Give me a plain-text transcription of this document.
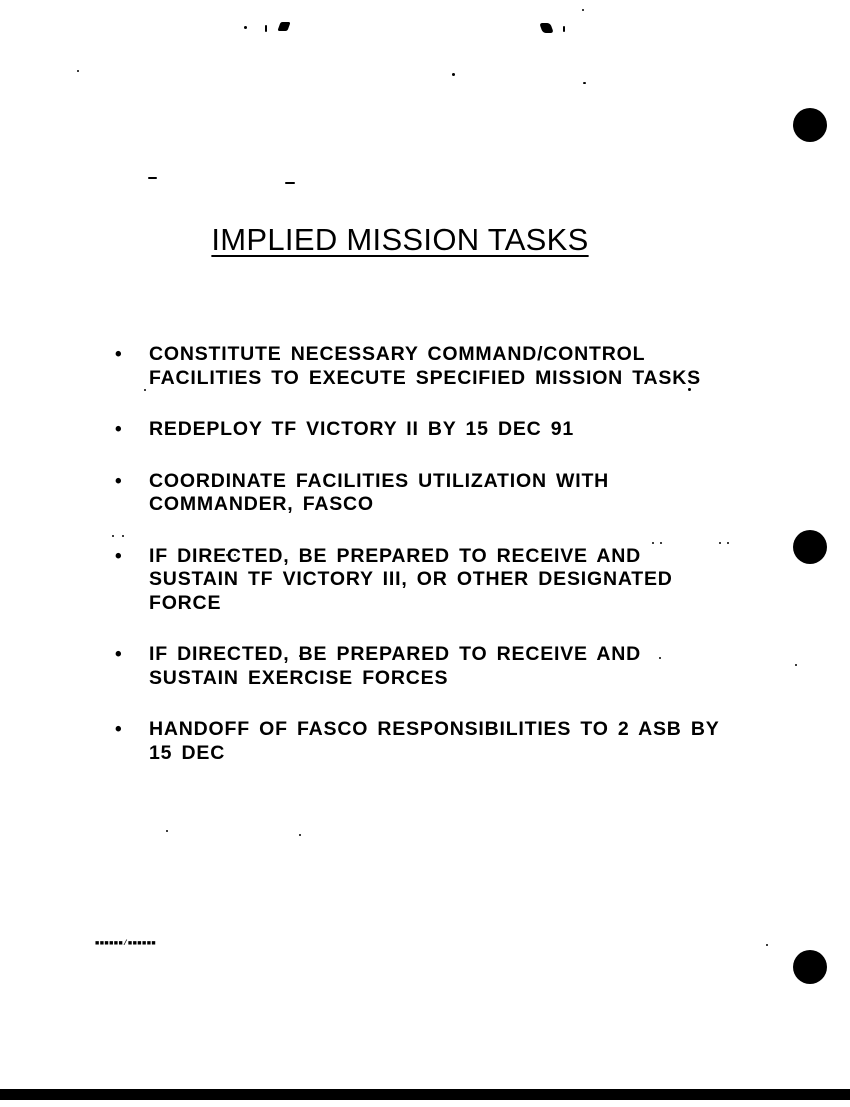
IMPLIED MISSION TASKS
• CONSTITUTE NECESSARY COMMAND/CONTROL FACILITIES TO EXECUTE SPECIFIED MISSION TASKS
• REDEPLOY TF VICTORY II BY 15 DEC 91
• COORDINATE FACILITIES UTILIZATION WITH COMMANDER, FASCO
• IF DIRECTED, BE PREPARED TO RECEIVE AND SUSTAIN TF VICTORY III, OR OTHER DESIGNATED FORCE
• IF DIRECTED, BE PREPARED TO RECEIVE AND SUSTAIN EXERCISE FORCES
• HANDOFF OF FASCO RESPONSIBILITIES TO 2 ASB BY 15 DEC
■■■■■■/■■■■■■
